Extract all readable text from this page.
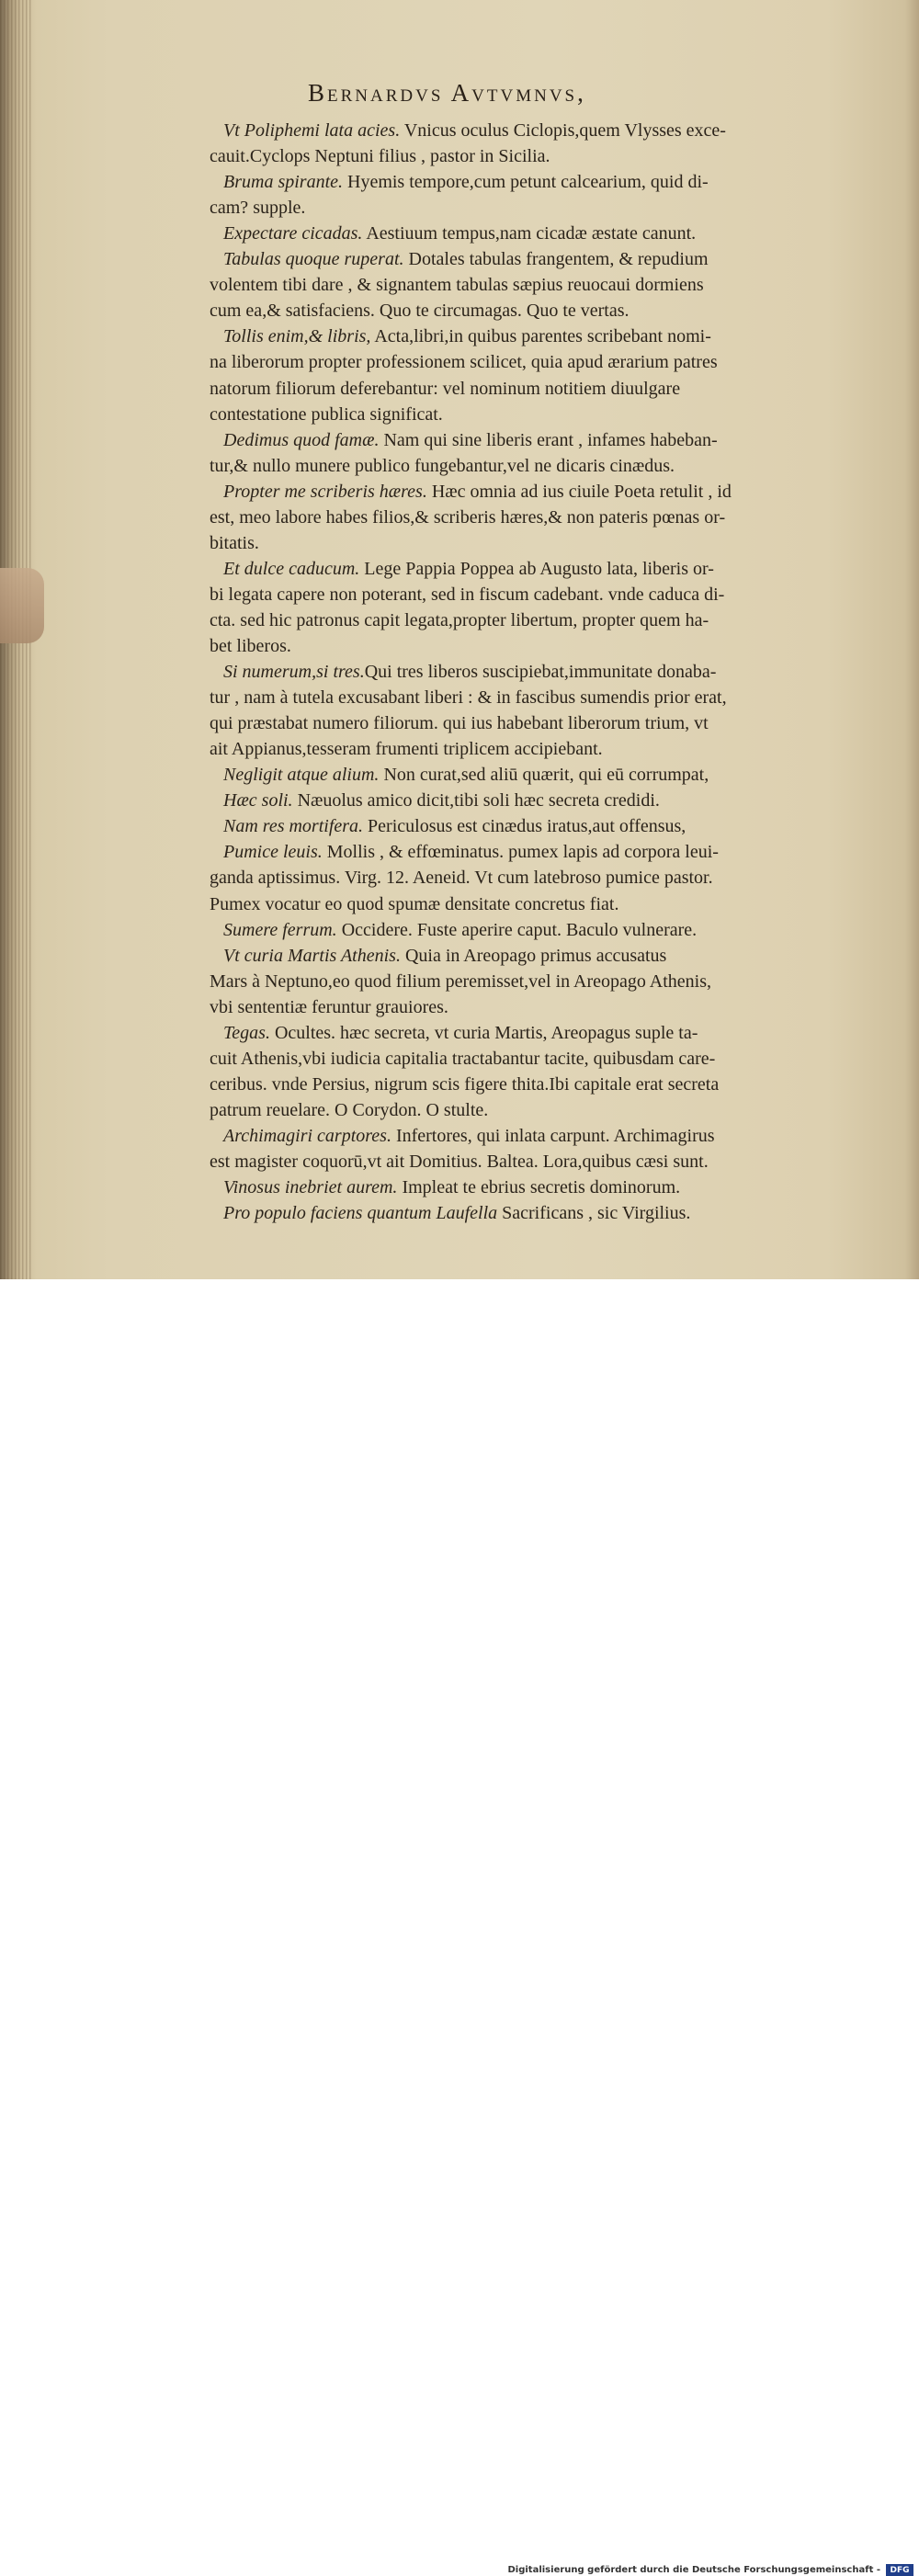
Bernardvs Avtvmnvs,
Vt Poliphemi lata acies. Vnicus oculus Ciclopis,quem Vlysses exce-
cauit.Cyclops Neptuni filius , pastor in Sicilia.
Bruma spirante. Hyemis tempore,cum petunt calcearium, quid di-
cam? supple.
Expectare cicadas. Aestiuum tempus,nam cicadæ æstate canunt.
Tabulas quoque ruperat. Dotales tabulas frangentem, & repudium
volentem tibi dare , & signantem tabulas sæpius reuocaui dormiens
cum ea,& satisfaciens. Quo te circumagas. Quo te vertas.
Tollis enim,& libris, Acta,libri,in quibus parentes scribebant nomi-
na liberorum propter professionem scilicet, quia apud ærarium patres
natorum filiorum deferebantur: vel nominum notitiem diuulgare
contestatione publica significat.
Dedimus quod famæ. Nam qui sine liberis erant , infames habeban-
tur,& nullo munere publico fungebantur,vel ne dicaris cinædus.
Propter me scriberis hæres. Hæc omnia ad ius ciuile Poeta retulit , id
est, meo labore habes filios,& scriberis hæres,& non pateris pœnas or-
bitatis.
Et dulce caducum. Lege Pappia Poppea ab Augusto lata, liberis or-
bi legata capere non poterant, sed in fiscum cadebant. vnde caduca di-
cta. sed hic patronus capit legata,propter libertum, propter quem ha-
bet liberos.
Si numerum,si tres.Qui tres liberos suscipiebat,immunitate donaba-
tur , nam à tutela excusabant liberi : & in fascibus sumendis prior erat,
qui præstabat numero filiorum. qui ius habebant liberorum trium, vt
ait Appianus,tesseram frumenti triplicem accipiebant.
Negligit atque alium. Non curat,sed aliū quærit, qui eū corrumpat,
Hæc soli. Næuolus amico dicit,tibi soli hæc secreta credidi.
Nam res mortifera. Periculosus est cinædus iratus,aut offensus,
Pumice leuis. Mollis , & effœminatus. pumex lapis ad corpora leui-
ganda aptissimus. Virg. 12. Aeneid. Vt cum latebroso pumice pastor.
Pumex vocatur eo quod spumæ densitate concretus fiat.
Sumere ferrum. Occidere. Fuste aperire caput. Baculo vulnerare.
Vt curia Martis Athenis. Quia in Areopago primus accusatus
Mars à Neptuno,eo quod filium peremisset,vel in Areopago Athenis,
vbi sententiæ feruntur grauiores.
Tegas. Ocultes. hæc secreta, vt curia Martis, Areopagus suple ta-
cuit Athenis,vbi iudicia capitalia tractabantur tacite, quibusdam care-
ceribus. vnde Persius, nigrum scis figere thita.Ibi capitale erat secreta
patrum reuelare. O Corydon. O stulte.
Archimagiri carptores. Infertores, qui inlata carpunt. Archimagirus
est magister coquorū,vt ait Domitius. Baltea. Lora,quibus cæsi sunt.
Vinosus inebriet aurem. Impleat te ebrius secretis dominorum.
Pro populo faciens quantum Laufella Sacrificans , sic Virgilius.
Digitalisierung gefördert durch die Deutsche Forschungsgemeinschaft -	DFG
